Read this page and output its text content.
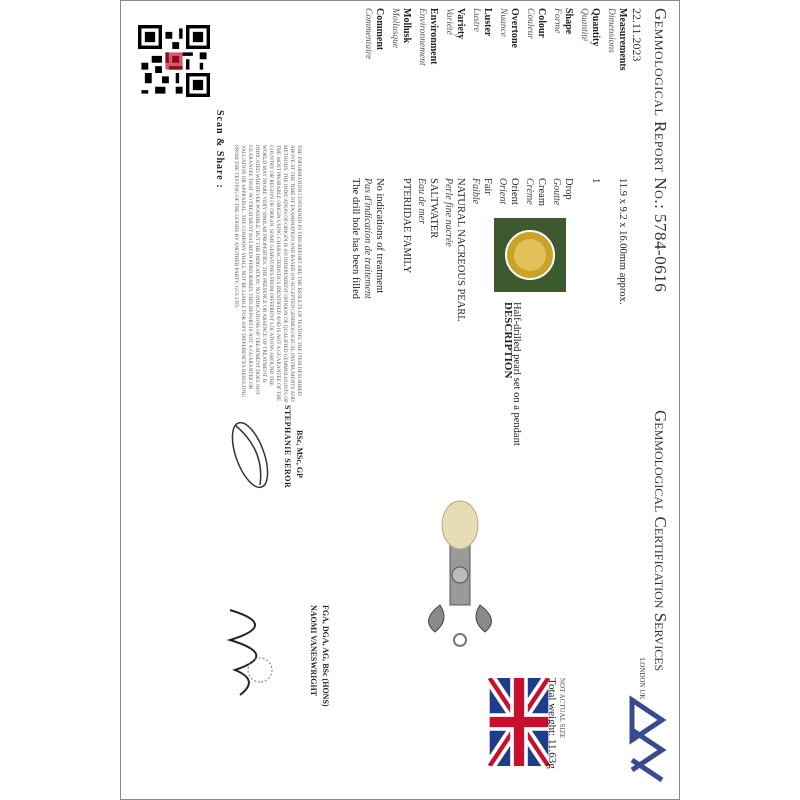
Gemmological Report No.: 5784-0616
22.11.2023
Measurements
Dimensions
11.9 x 9.2 x 16.00mm approx.
Quantity
Quantité
1
Shape
Forme
Drop
Goutte
Colour
Couleur
Cream
Crème
Overtone
Nuance
Orient
Orient
Luster
Lustre
Fair
Faible
Variety
Variété
NATURAL NACREOUS PEARL
Perle fine nacrée
Environment
Environnement
SALTWATER
Eau de mer
Mollusk
Mollusque
PTERIIDAE FAMILY
Comment
Commentaire
No indications of treatment
Pas d'indication de traitement
The drill hole has been filled
Gemmological Certification Services
LONDON UK
NOT ACTUAL SIZE
Total weight: 11.63g
DESCRIPTION
Half-drilled pearl set on a pendant
Scan & Share :	THE INFORMATION CONTAINED IN THIS REPORT ARE THE RESULTS OF TESTING THE ITEM DESCRIBED ABOVE AT THE TIME OF EXAMINATION AND BASED ON ACCEPTED GEMMOLOGICAL INSTRUMENTS AND METHODS. THE INDICATION OF ORIGIN IS AN INDEPENDENT OPINION OF QUALIFIED GEMMOLOGISTS OF THE MOST PROBABLE ORIGIN USING CHARACTERISTICS IDENTIFIED AND IS NOT A GUARANTEE OF THE COUNTRY OR REGION OF ORIGIN. SOME GEMSTONES FROM DIFFERENT LOCATIONS AROUND THE WORLD MAY SHARE VERY SIMILAR PROPERTIES. THE PRESENCE OR ABSENCE OF TREATMENT IS INDICATED WHENEVER POSSIBLE, BUT THE INDICATION: NO INDICATIONS OF TREATMENT DOES NOT GUARANTEE THAT NO TREATMENT HAS BEEN PERFORMED. THIS REPORT IS NOT A GUARANTEE OR VALUATION OR APPRAISAL. THE COMPANY SHALL NOT BE LIABLE FOR ANY DIFFERENCES RESULTING FROM THE TESTING OF THE GOODS BY ANOTHER PARTY. GCS LTD.
BSc, MSc, GP
STEPHANIE SEROR
FGA, DGA, AG, BSc (HONS)
NAOMI VANESWRIGHT
